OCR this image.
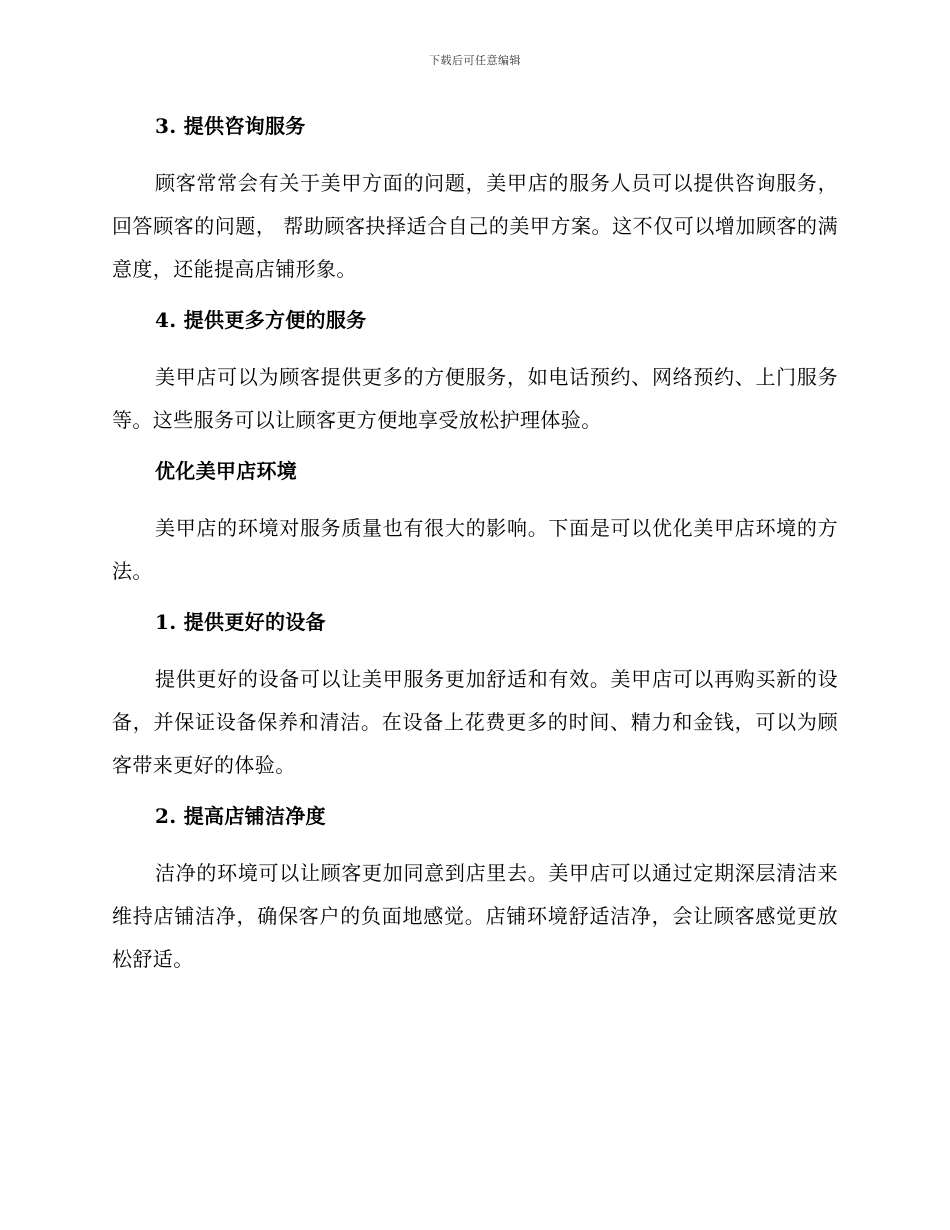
下载后可任意编辑
3. 提供咨询服务

顾客常常会有关于美甲方面的问题，美甲店的服务人员可以提供咨询服务，回答顾客的问题， 帮助顾客抉择适合自己的美甲方案。这不仅可以增加顾客的满意度，还能提高店铺形象。

4. 提供更多方便的服务

美甲店可以为顾客提供更多的方便服务，如电话预约、网络预约、上门服务等。这些服务可以让顾客更方便地享受放松护理体验。

优化美甲店环境

美甲店的环境对服务质量也有很大的影响。下面是可以优化美甲店环境的方法。

1. 提供更好的设备

提供更好的设备可以让美甲服务更加舒适和有效。美甲店可以再购买新的设备，并保证设备保养和清洁。在设备上花费更多的时间、精力和金钱，可以为顾客带来更好的体验。

2. 提高店铺洁净度

洁净的环境可以让顾客更加同意到店里去。美甲店可以通过定期深层清洁来维持店铺洁净，确保客户的负面地感觉。店铺环境舒适洁净，会让顾客感觉更放松舒适。
